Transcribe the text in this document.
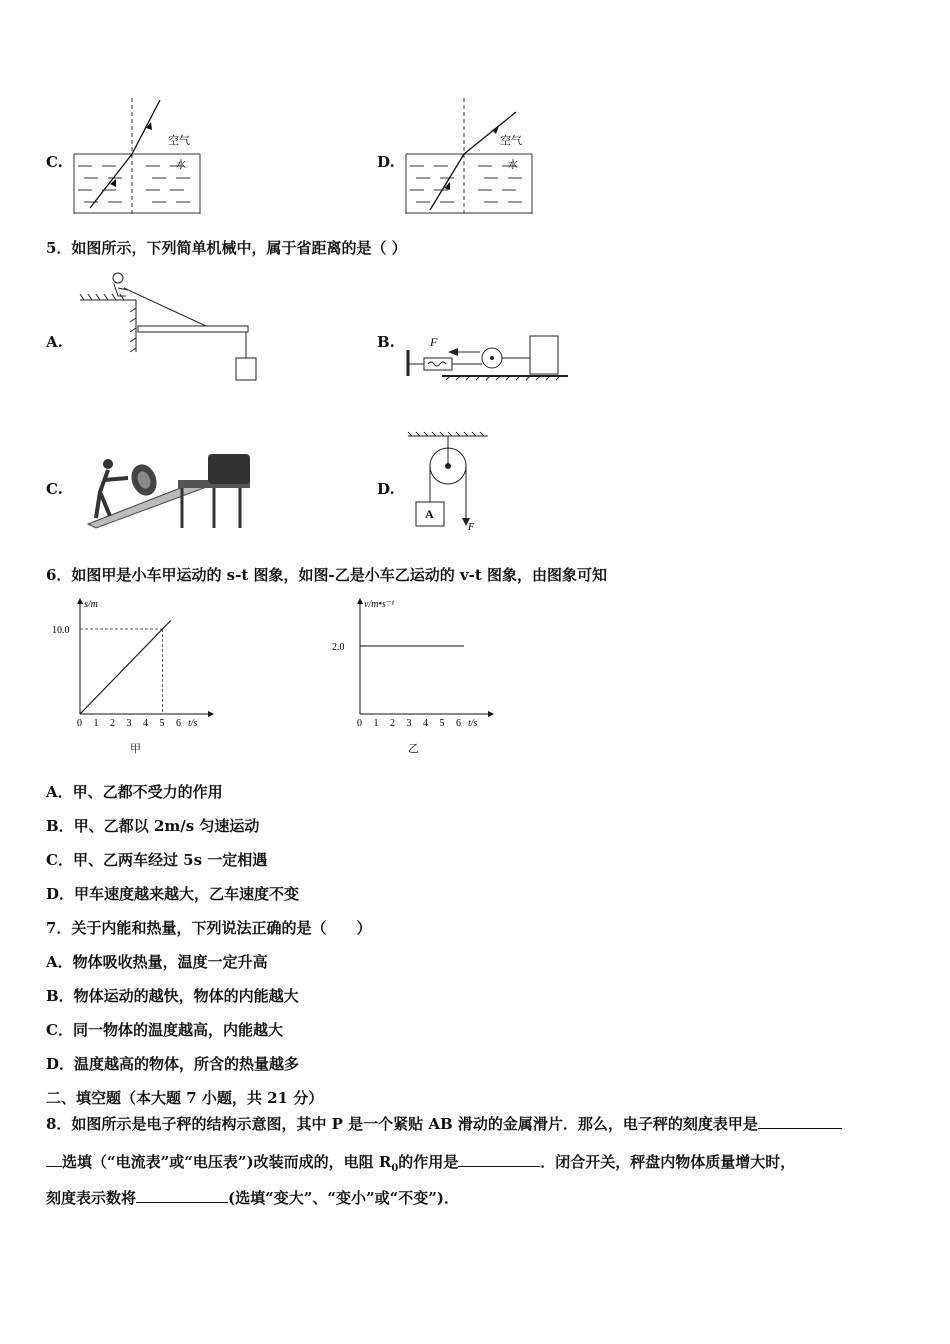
C.
空气
水	D.
空气
水
5．如图所示，下列简单机械中，属于省距离的是（ ）
A.	B.	F
C.	D.
A
F
6．如图甲是小车甲运动的 s-t 图象，如图-乙是小车乙运动的 v-t 图象，由图象可知
0 1 2 3 4 5 6 t/s
s/m
10.0
甲
0 1 2 3 4 5 6 t/s
v/m•s⁻¹
2.0
乙
A．甲、乙都不受力的作用
B．甲、乙都以 2m/s 匀速运动
C．甲、乙两车经过 5s 一定相遇
D．甲车速度越来越大，乙车速度不变
7．关于内能和热量，下列说法正确的是（　　）
A．物体吸收热量，温度一定升高
B．物体运动的越快，物体的内能越大
C．同一物体的温度越高，内能越大
D．温度越高的物体，所含的热量越多
二、填空题（本大题 7 小题，共 21 分）
8．如图所示是电子秤的结构示意图，其中 P 是一个紧贴 AB 滑动的金属滑片．那么，电子秤的刻度表甲是
选填（“电流表”或“电压表”)改装而成的，电阻 $R_0$的作用是	．闭合开关，秤盘内物体质量增大时，
刻度表示数将	(选填“变大”、“变小”或“不变”)．
